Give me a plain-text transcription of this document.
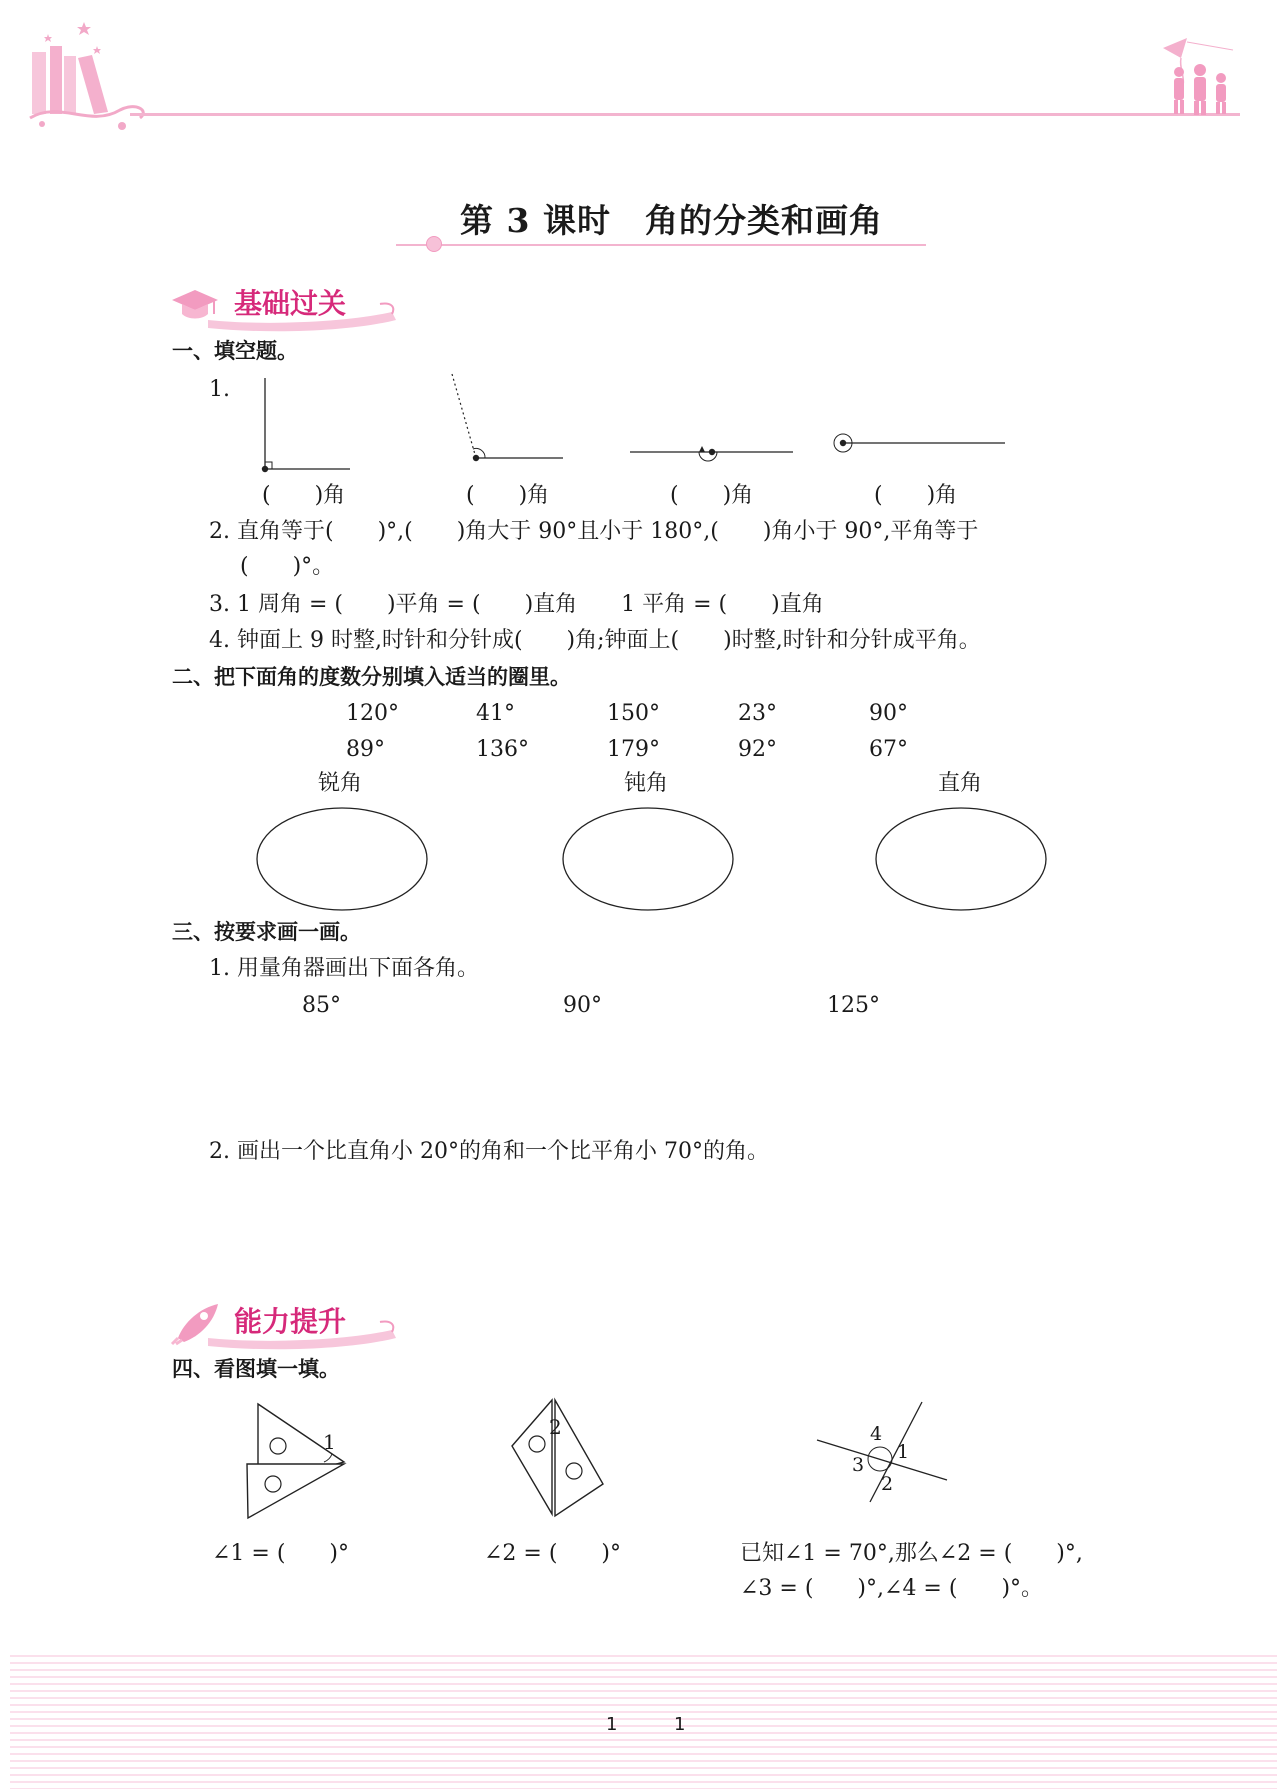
第 3 课时 角的分类和画角
基础过关
一、填空题。
1.
(　　)角	(　　)角	(　　)角	(　　)角
2. 直角等于(　　)°,(　　)角大于 90°且小于 180°,(　　)角小于 90°,平角等于
(　　)°。
3. 1 周角 = (　　)平角 = (　　)直角　　1 平角 = (　　)直角
4. 钟面上 9 时整,时针和分针成(　　)角;钟面上(　　)时整,时针和分针成平角。
二、把下面角的度数分别填入适当的圈里。
120°	41°	150°	23°	90°
89°	136°	179°	92°	67°
锐角	钝角	直角
三、按要求画一画。
1. 用量角器画出下面各角。
85°	90°	125°
2. 画出一个比直角小 20°的角和一个比平角小 70°的角。
能力提升
四、看图填一填。
1
2	4
1
3
2
∠1 = (　　)°	∠2 = (　　)°	已知∠1 = 70°,那么∠2 = (　　)°,
∠3 = (　　)°,∠4 = (　　)°。
1	1
